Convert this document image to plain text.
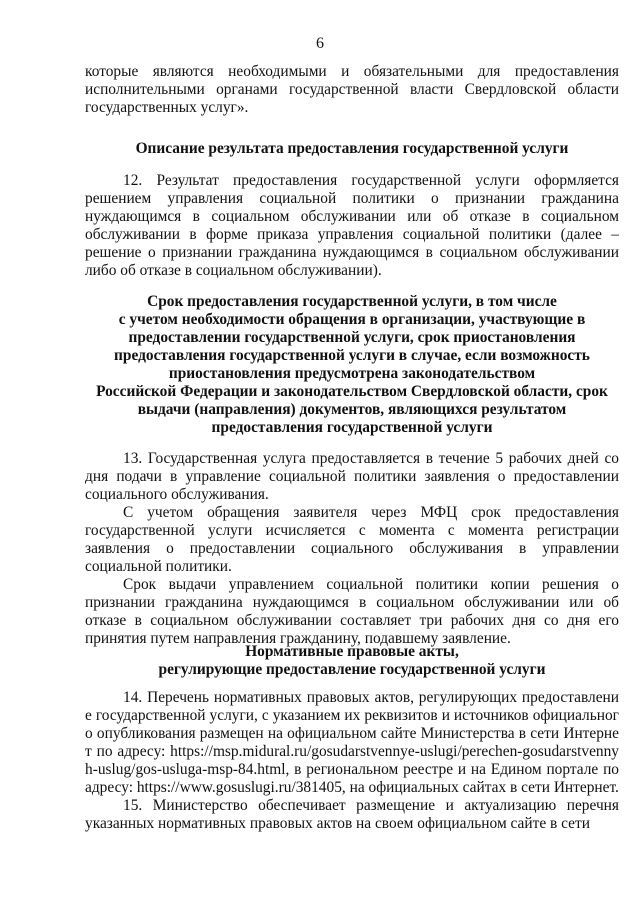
6

которые являются необходимыми и обязательными для предоставления исполнительными органами государственной власти Свердловской области государственных услуг».

Описание результата предоставления государственной услуги

12. Результат предоставления государственной услуги оформляется решением управления социальной политики о признании гражданина нуждающимся в социальном обслуживании или об отказе в социальном обслуживании в форме приказа управления социальной политики (далее – решение о признании гражданина нуждающимся в социальном обслуживании либо об отказе в социальном обслуживании).

Срок предоставления государственной услуги, в том числе
с учетом необходимости обращения в организации, участвующие в
предоставлении государственной услуги, срок приостановления
предоставления государственной услуги в случае, если возможность
приостановления предусмотрена законодательством
Российской Федерации и законодательством Свердловской области, срок
выдачи (направления) документов, являющихся результатом
предоставления государственной услуги

13. Государственная услуга предоставляется в течение 5 рабочих дней со дня подачи в управление социальной политики заявления о предоставлении социального обслуживания.

С учетом обращения заявителя через МФЦ срок предоставления государственной услуги исчисляется с момента с момента регистрации заявления о предоставлении социального обслуживания в управлении социальной политики.

Срок выдачи управлением социальной политики копии решения о признании гражданина нуждающимся в социальном обслуживании или об отказе в социальном обслуживании составляет три рабочих дня со дня его принятия путем направления гражданину, подавшему заявление.

Нормативные правовые акты,
регулирующие предоставление государственной услуги

14. Перечень нормативных правовых актов, регулирующих предоставление государственной услуги, с указанием их реквизитов и источников официального опубликования размещен на официальном сайте Министерства в сети Интернет по адресу: https://msp.midural.ru/gosudarstvennye-uslugi/perechen-gosudarstvennyh-uslug/gos-usluga-msp-84.html, в региональном реестре и на Едином портале по адресу: https://www.gosuslugi.ru/381405, на официальных сайтах в сети Интернет.

15. Министерство обеспечивает размещение и актуализацию перечня указанных нормативных правовых актов на своем официальном сайте в сети
